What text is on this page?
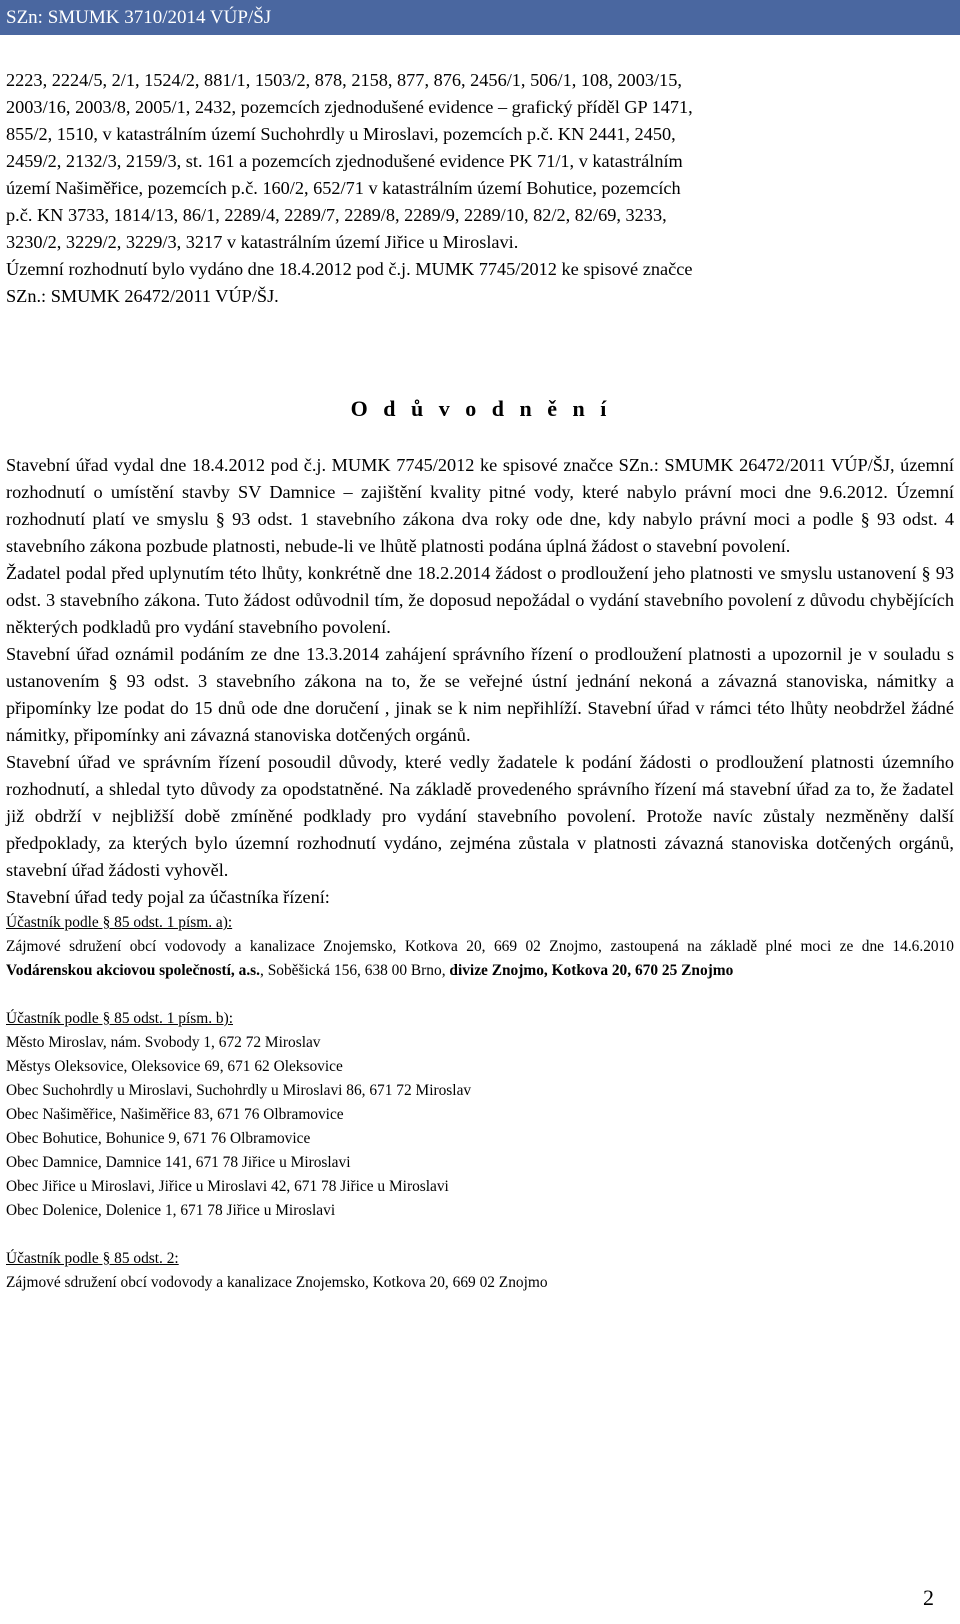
SZn: SMUMK 3710/2014 VÚP/ŠJ
2223, 2224/5, 2/1, 1524/2, 881/1, 1503/2, 878, 2158, 877, 876, 2456/1, 506/1, 108, 2003/15,
2003/16, 2003/8, 2005/1, 2432, pozemcích zjednodušené evidence – grafický příděl GP 1471,
855/2, 1510, v katastrálním území Suchohrdly u Miroslavi, pozemcích p.č. KN 2441, 2450,
2459/2, 2132/3, 2159/3, st. 161 a pozemcích zjednodušené evidence PK 71/1, v katastrálním
území Našiměřice, pozemcích p.č. 160/2, 652/71 v katastrálním území Bohutice, pozemcích
p.č. KN 3733, 1814/13, 86/1, 2289/4, 2289/7, 2289/8, 2289/9, 2289/10, 82/2, 82/69, 3233,
3230/2, 3229/2, 3229/3, 3217 v katastrálním území Jiřice u Miroslavi.
Územní rozhodnutí bylo vydáno dne 18.4.2012 pod č.j. MUMK 7745/2012 ke spisové značce
SZn.: SMUMK 26472/2011 VÚP/ŠJ.
O d ů v o d n ě n í

Stavební úřad vydal dne 18.4.2012 pod č.j. MUMK 7745/2012 ke spisové značce SZn.: SMUMK 26472/2011 VÚP/ŠJ, územní rozhodnutí o umístění stavby SV Damnice – zajištění kvality pitné vody, které nabylo právní moci dne 9.6.2012. Územní rozhodnutí platí ve smyslu § 93 odst. 1 stavebního zákona dva roky ode dne, kdy nabylo právní moci a podle § 93 odst. 4 stavebního zákona pozbude platnosti, nebude-li ve lhůtě platnosti podána úplná žádost o stavební povolení.

Žadatel podal před uplynutím této lhůty, konkrétně dne 18.2.2014 žádost o prodloužení jeho platnosti ve smyslu ustanovení § 93 odst. 3 stavebního zákona. Tuto žádost odůvodnil tím, že doposud nepožádal o vydání stavebního povolení z důvodu chybějících některých podkladů pro vydání stavebního povolení.

Stavební úřad oznámil podáním ze dne 13.3.2014 zahájení správního řízení o prodloužení platnosti a upozornil je v souladu s ustanovením § 93 odst. 3 stavebního zákona na to, že se veřejné ústní jednání nekoná a závazná stanoviska, námitky a připomínky lze podat do 15 dnů ode dne doručení , jinak se k nim nepřihlíží. Stavební úřad v rámci této lhůty neobdržel žádné námitky, připomínky ani závazná stanoviska dotčených orgánů.

Stavební úřad ve správním řízení posoudil důvody, které vedly žadatele k podání žádosti o prodloužení platnosti územního rozhodnutí, a shledal tyto důvody za opodstatněné. Na základě provedeného správního řízení má stavební úřad za to, že žadatel již obdrží v nejbližší době zmíněné podklady pro vydání stavebního povolení. Protože navíc zůstaly nezměněny další předpoklady, za kterých bylo územní rozhodnutí vydáno, zejména zůstala v platnosti závazná stanoviska dotčených orgánů, stavební úřad žádosti vyhověl.

Stavební úřad tedy pojal za účastníka řízení:

Účastník podle § 85 odst. 1 písm. a):

Zájmové sdružení obcí vodovody a kanalizace Znojemsko, Kotkova 20, 669 02 Znojmo, zastoupená na základě plné moci ze dne 14.6.2010 Vodárenskou akciovou společností, a.s., Soběšická 156, 638 00 Brno, divize Znojmo, Kotkova 20, 670 25 Znojmo

Účastník podle § 85 odst. 1 písm. b):

Město Miroslav, nám. Svobody 1, 672 72 Miroslav

Městys Oleksovice, Oleksovice 69, 671 62 Oleksovice

Obec Suchohrdly u Miroslavi, Suchohrdly u Miroslavi 86, 671 72 Miroslav

Obec Našiměřice, Našiměřice 83, 671 76 Olbramovice

Obec Bohutice, Bohunice 9, 671 76 Olbramovice

Obec Damnice, Damnice 141, 671 78 Jiřice u Miroslavi

Obec Jiřice u Miroslavi, Jiřice u Miroslavi 42, 671 78 Jiřice u Miroslavi

Obec Dolenice, Dolenice 1, 671 78 Jiřice u Miroslavi

Účastník podle § 85 odst. 2:

Zájmové sdružení obcí vodovody a kanalizace Znojemsko, Kotkova 20, 669 02 Znojmo

2
